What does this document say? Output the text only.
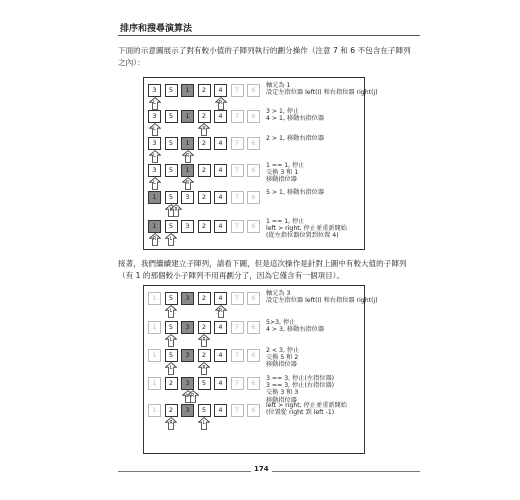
排序和搜尋演算法

下面的示意圖展示了對有較小值的子陣列執行的劃分操作（注意 7 和 6 不包含在子陣列之內）：

3	5	1	2	4	7	6
L	R
軸元為 1
設定左指位器 left(l) 和右指位器 right(j)
3	5	1	2	4	7	6
L	R
3 > 1, 停止
4 > 1, 移動右指位器
3	5	1	2	4	7	6
L	R
2 > 1, 移動右指位器
3	5	1	2	4	7	6
L	R
1 == 1, 停止
交換 3 和 1
移動指位器
1	5	3	2	4	7	6
L R
5 > 1, 移動右指位器
1	5	3	2	4	7	6
R	L
1 == 1, 停止
left > right, 停止並重新開始
(從左指位器位置到位置 4)

接著，我們繼續建立子陣列，請看下圖，但是這次操作是針對上圖中有較大值的子陣列（有 1 的那個較小子陣列不用再劃分了，因為它僅含有一個項目）。

1	5	3	2	4	7	6
L	R
軸元為 3
設定左指位器 left(l) 和右指位器 right(j)
1	5	3	2	4	7	6
L	R
5>3, 停止
4 > 3, 移動右指位器
1	5	3	2	4	7	6
L	R
2 < 3, 停止
交換 5 和 2
移動指位器
1	2	3	5	4	7	6
L R
3 == 3, 停止(左指位器)
3 == 3, 停止(右指位器)
交換 3 和 3
移動指位器
1	2	3	5	4	7	6
R	L
left > right, 停止並重新開始
(位置從 right 到 left -1)
174
